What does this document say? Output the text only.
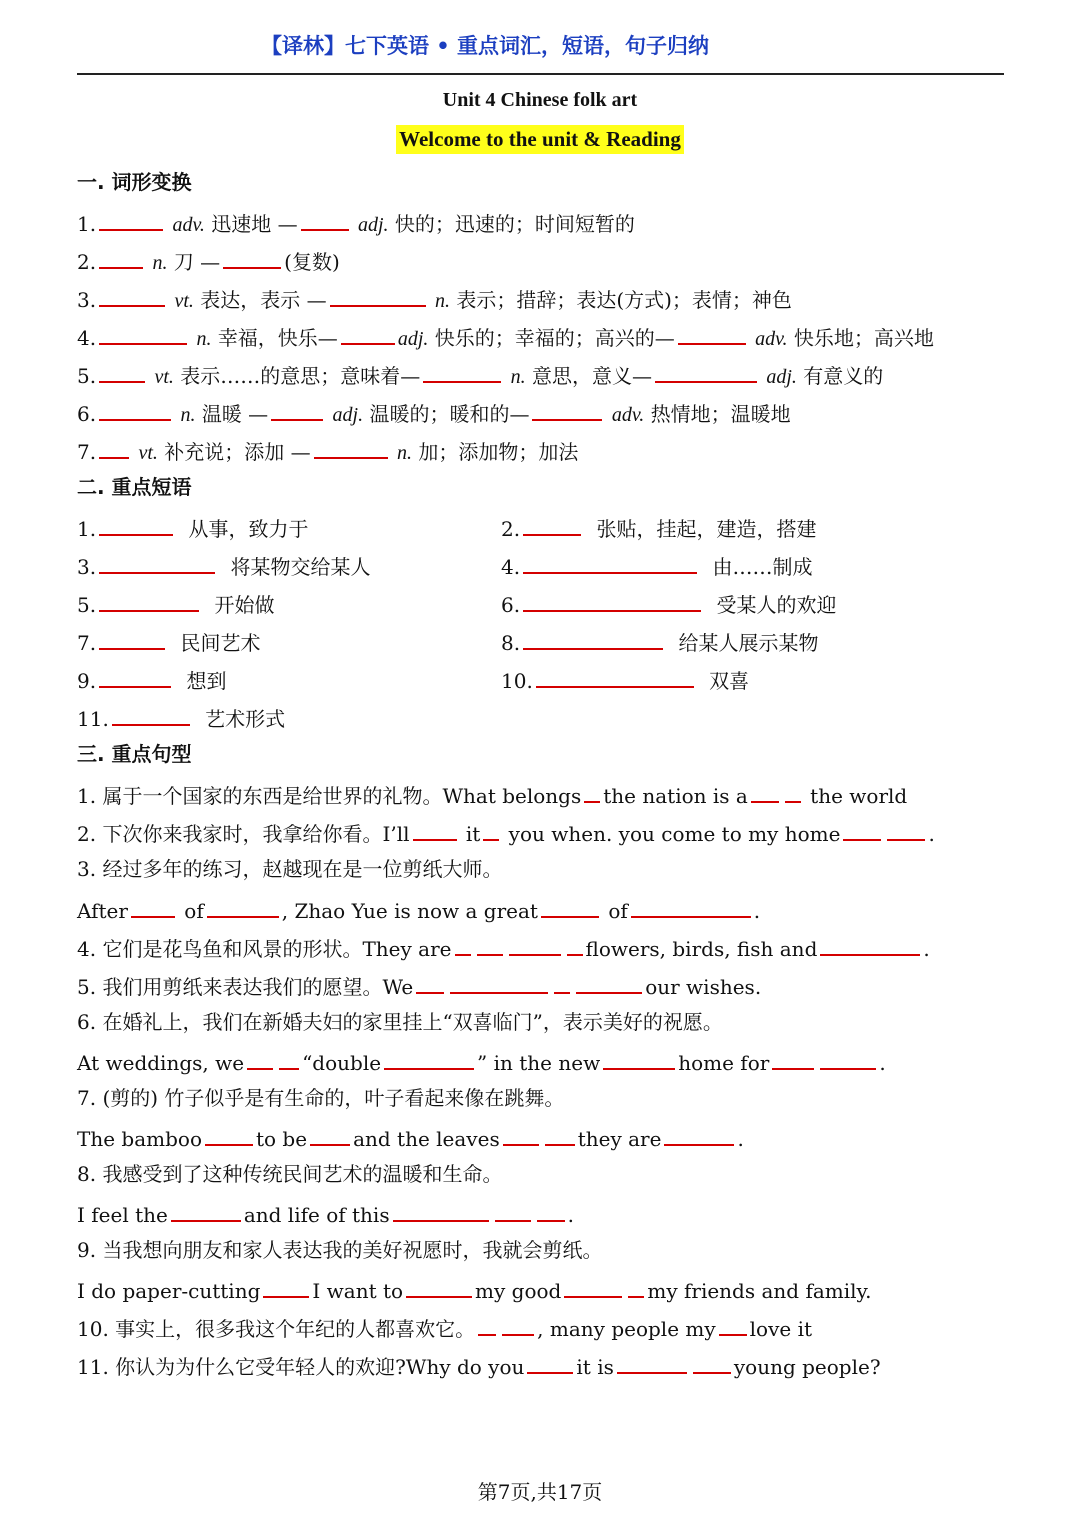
【译林】七下英语 • 重点词汇，短语，句子归纳
Unit 4 Chinese folk art
Welcome to the unit & Reading
一. 词形变换
1.	adv. 迅速地 —	adj. 快的；迅速的；时间短暂的
2.	n. 刀 —	(复数)
3.	vt. 表达，表示 —	n. 表示；措辞；表达(方式)；表情；神色
4.	n. 幸福，快乐—	adj. 快乐的；幸福的；高兴的—	adv. 快乐地；高兴地
5.	vt. 表示……的意思；意味着—	n. 意思，意义—	adj. 有意义的
6.	n. 温暖 —	adj. 温暖的；暖和的—	adv. 热情地；温暖地
7. vt. 补充说；添加 —	n. 加；添加物；加法
二. 重点短语
1.	从事，致力于	2.	张贴，挂起，建造，搭建
3.	将某物交给某人	4.	由……制成
5.	开始做	6.	受某人的欢迎
7.	民间艺术	8.	给某人展示某物
9.	想到	10.	双喜
11.	艺术形式
三. 重点句型
1. 属于一个国家的东西是给世界的礼物。What belongs the nation is a	the world
2. 下次你来我家时，我拿给你看。I’ll	it you when. you come to my home	.
3. 经过多年的练习，赵越现在是一位剪纸大师。
After	of	, Zhao Yue is now a great	of	.
4. 它们是花鸟鱼和风景的形状。They are	flowers, birds, fish and	.
5. 我们用剪纸来表达我们的愿望。We	our wishes.
6. 在婚礼上，我们在新婚夫妇的家里挂上“双喜临门”，表示美好的祝愿。
At weddings, we	“double	” in the new	home for	.
7. (剪的) 竹子似乎是有生命的，叶子看起来像在跳舞。
The bamboo	to be and the leaves	they are	.
8. 我感受到了这种传统民间艺术的温暖和生命。
I feel the	and life of this	.
9. 当我想向朋友和家人表达我的美好祝愿时，我就会剪纸。
I do paper-cutting	I want to	my good	my friends and family.
10. 事实上，很多我这个年纪的人都喜欢它。	, many people my love it
11. 你认为为什么它受年轻人的欢迎?Why do you	it is	young people?
第7页,共17页
